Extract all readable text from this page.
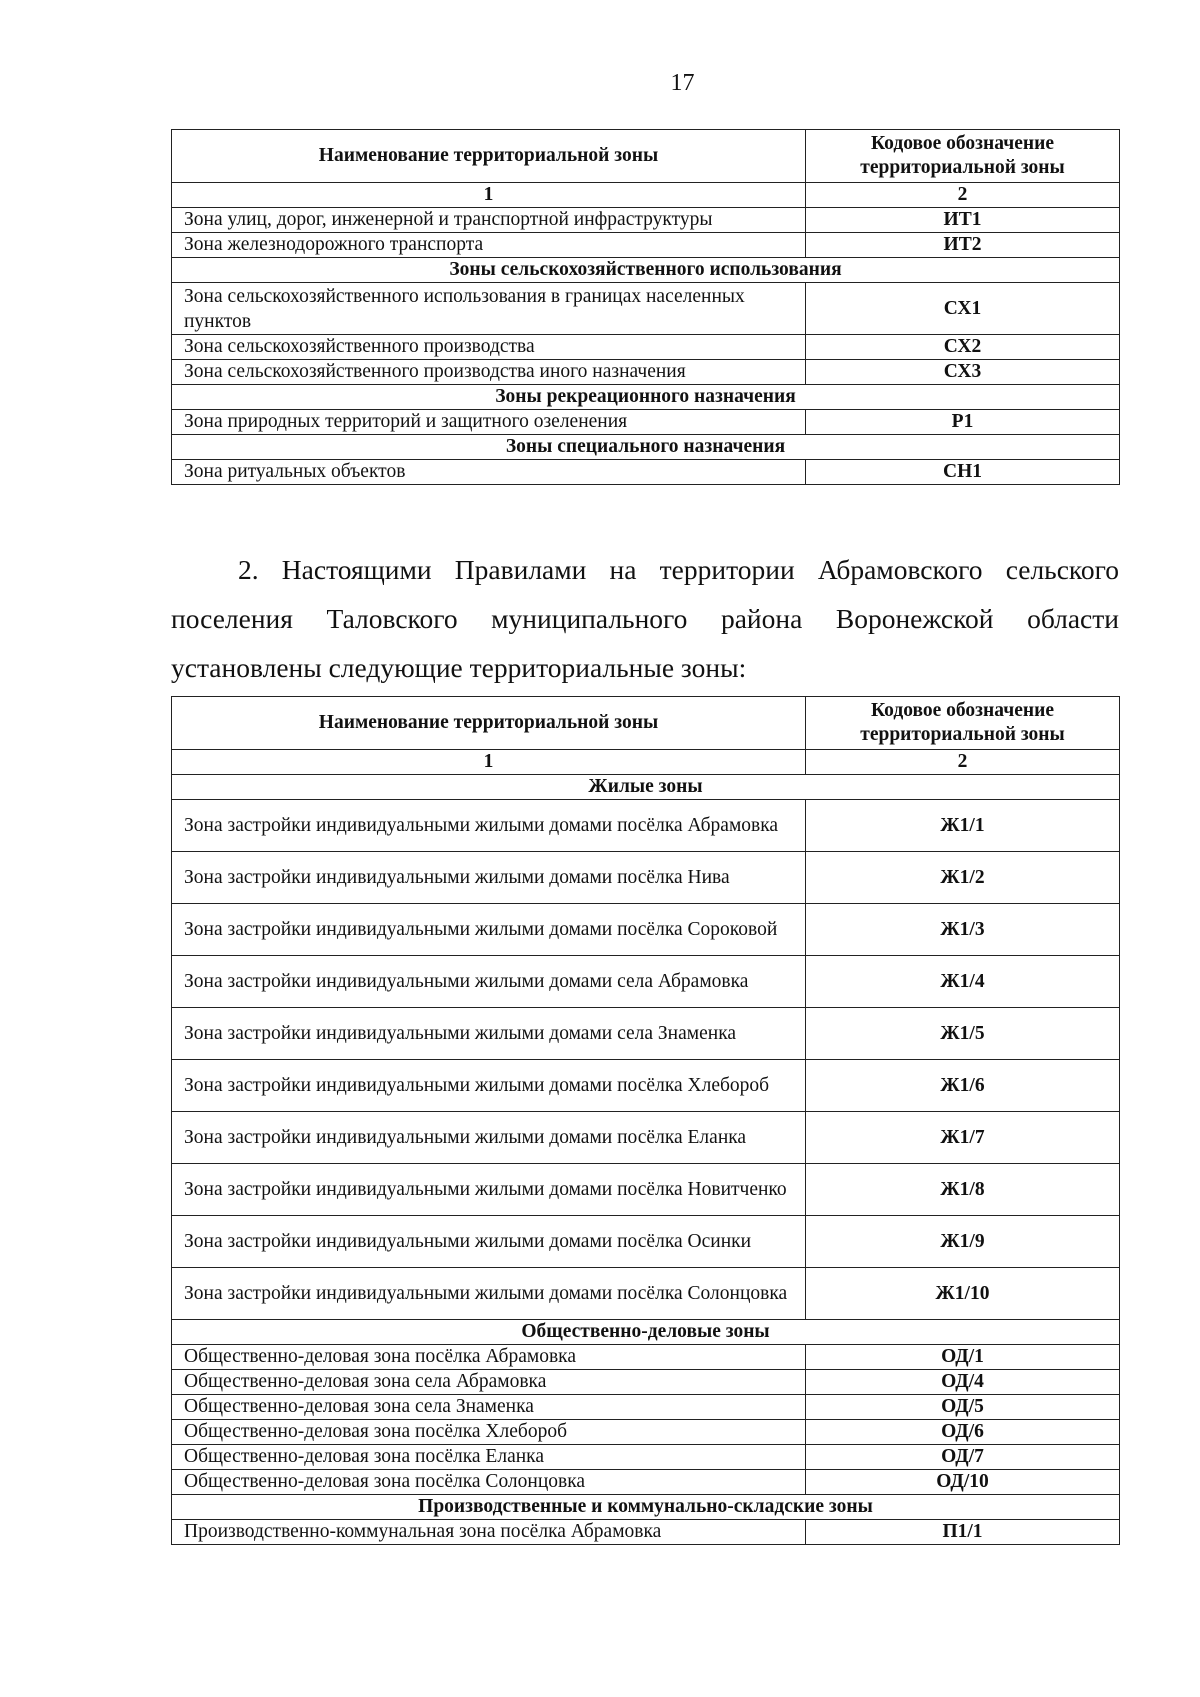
17
Наименование территориальной зоны	Кодовое обозначение территориальной зоны
1	2
Зона улиц, дорог, инженерной и транспортной инфраструктуры	ИТ1
Зона железнодорожного транспорта	ИТ2
Зоны сельскохозяйственного использования	
Зона сельскохозяйственного использования в границах населенных пунктов	СХ1
Зона сельскохозяйственного производства	СХ2
Зона сельскохозяйственного производства иного назначения	СХ3
Зоны рекреационного назначения	
Зона природных территорий и защитного озеленения	Р1
Зоны специального назначения	
Зона ритуальных объектов	СН1
2. Настоящими Правилами на территории Абрамовского сельского поселения Таловского муниципального района Воронежской области установлены следующие территориальные зоны:
Наименование территориальной зоны	Кодовое обозначение территориальной зоны
1	2
Жилые зоны	
Зона застройки индивидуальными жилыми домами посёлка Абрамовка	Ж1/1
Зона застройки индивидуальными жилыми домами посёлка Нива	Ж1/2
Зона застройки индивидуальными жилыми домами посёлка Сороковой	Ж1/3
Зона застройки индивидуальными жилыми домами села Абрамовка	Ж1/4
Зона застройки индивидуальными жилыми домами села Знаменка	Ж1/5
Зона застройки индивидуальными жилыми домами посёлка Хлебороб	Ж1/6
Зона застройки индивидуальными жилыми домами посёлка Еланка	Ж1/7
Зона застройки индивидуальными жилыми домами посёлка Новитченко	Ж1/8
Зона застройки индивидуальными жилыми домами посёлка Осинки	Ж1/9
Зона застройки индивидуальными жилыми домами посёлка Солонцовка	Ж1/10
Общественно-деловые зоны	
Общественно-деловая зона посёлка Абрамовка	ОД/1
Общественно-деловая зона села Абрамовка	ОД/4
Общественно-деловая зона села Знаменка	ОД/5
Общественно-деловая зона посёлка Хлебороб	ОД/6
Общественно-деловая зона посёлка Еланка	ОД/7
Общественно-деловая зона посёлка Солонцовка	ОД/10
Производственные и коммунально-складские зоны	
Производственно-коммунальная зона посёлка Абрамовка	П1/1
